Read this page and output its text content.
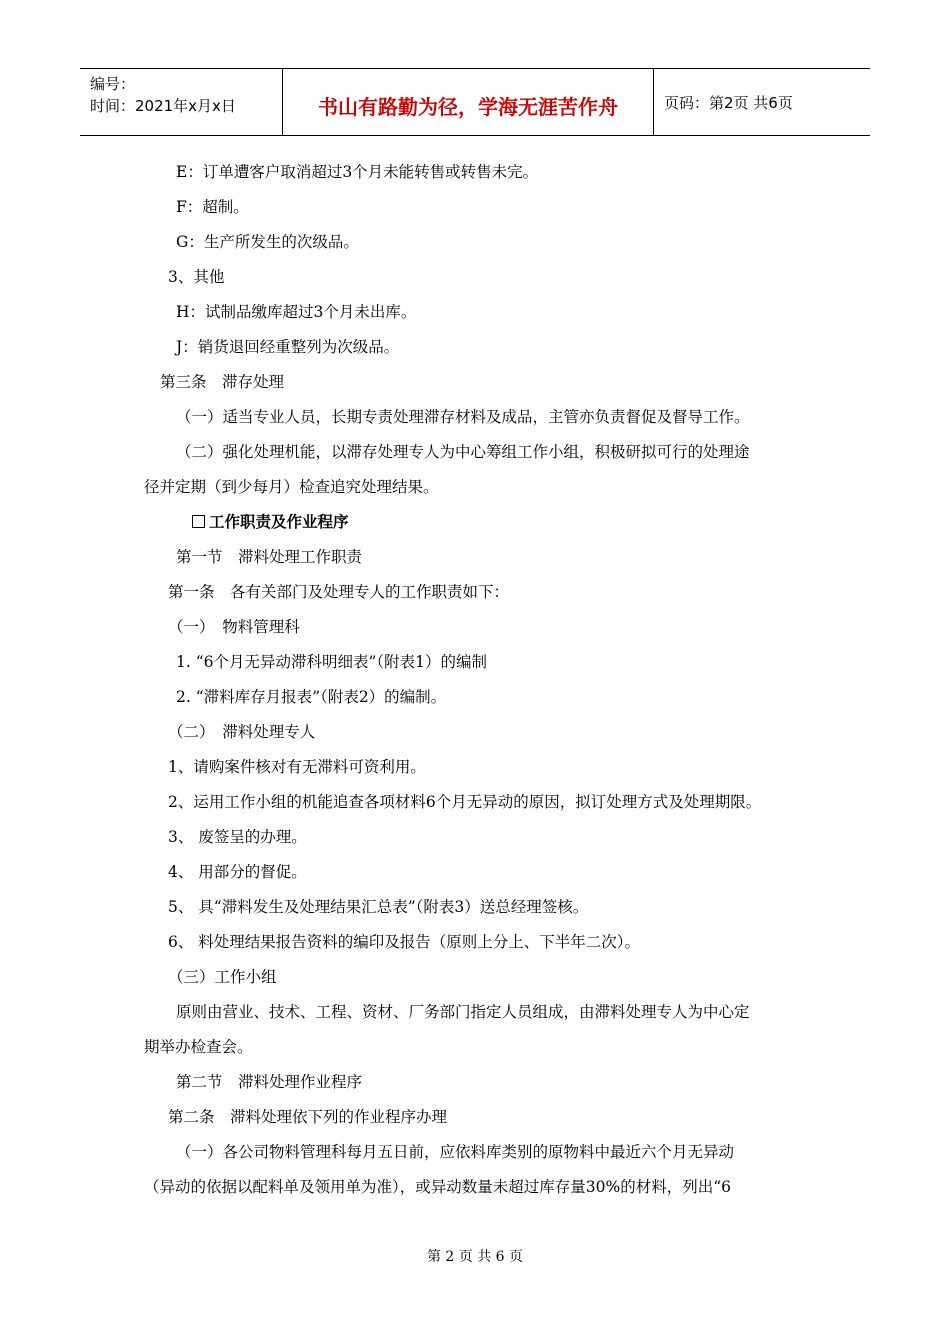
编号：
时间：2021年x月x日	书山有路勤为径，学海无涯苦作舟	页码：第2页 共6页
E：订单遭客户取消超过3个月未能转售或转售未完。
F：超制。
G：生产所发生的次级品。
3、其他
H：试制品缴库超过3个月未出库。
J：销货退回经重整列为次级品。
第三条　滞存处理
（一）适当专业人员，长期专责处理滞存材料及成品，主管亦负责督促及督导工作。
（二）强化处理机能，以滞存处理专人为中心筹组工作小组，积极研拟可行的处理途
径并定期（到少每月）检查追究处理结果。
工作职责及作业程序
第一节　滞料处理工作职责
第一条　各有关部门及处理专人的工作职责如下：
（一）　物料管理科
1. “6个月无异动滞科明细表”（附表1）的编制
2. “滞料库存月报表”（附表2）的编制。
（二）　滞料处理专人
1、请购案件核对有无滞料可资利用。
2、运用工作小组的机能追查各项材料6个月无异动的原因，拟订处理方式及处理期限。
3、 废签呈的办理。
4、 用部分的督促。
5、 具“滞料发生及处理结果汇总表”（附表3）送总经理签核。
6、 料处理结果报告资料的编印及报告（原则上分上、下半年二次）。
（三）工作小组
原则由营业、技术、工程、资材、厂务部门指定人员组成，由滞料处理专人为中心定
期举办检查会。
第二节　滞料处理作业程序
第二条　滞料处理依下列的作业程序办理
（一）各公司物料管理科每月五日前，应依料库类别的原物料中最近六个月无异动
（异动的依据以配料单及领用单为准），或异动数量未超过库存量30%的材料，列出“6
第 2 页 共 6 页
